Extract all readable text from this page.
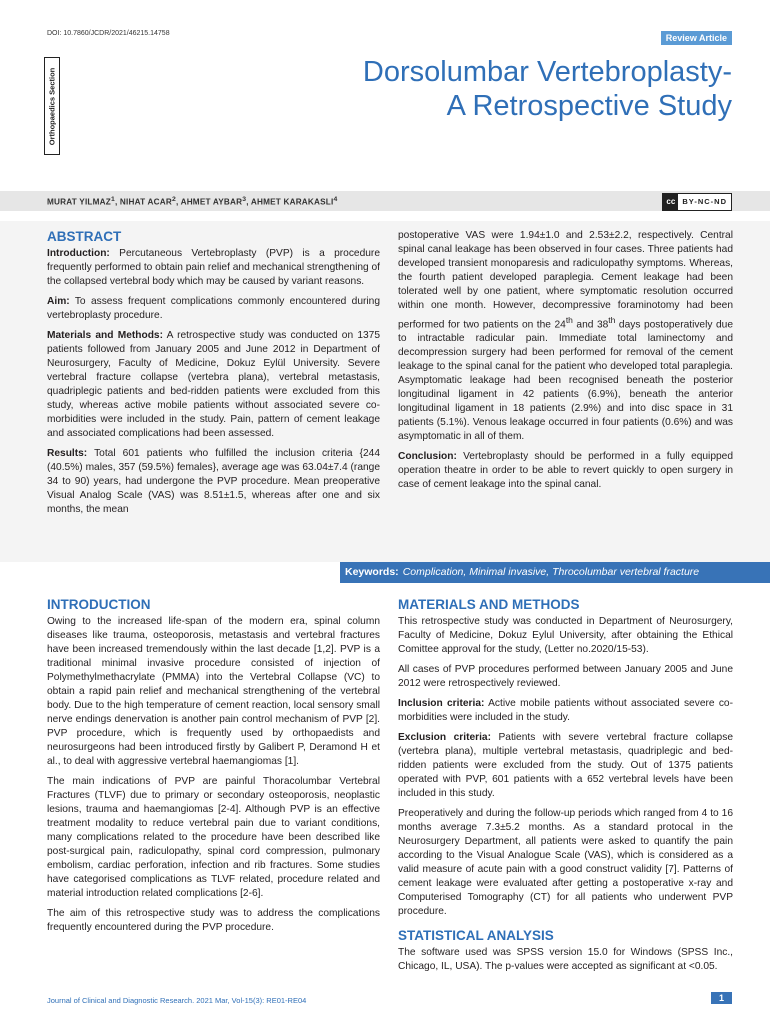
DOI: 10.7860/JCDR/2021/46215.14758	Review Article
Orthopaedics Section	Dorsolumbar Vertebroplasty-
A Retrospective Study
MURAT YILMAZ$^1$, NIHAT ACAR$^2$, AHMET AYBAR$^3$, AHMET KARAKASLI$^4$	cc BY-NC-ND
ABSTRACT

Introduction: Percutaneous Vertebroplasty (PVP) is a procedure frequently performed to obtain pain relief and mechanical strengthening of the collapsed vertebral body which may be caused by variant reasons.

Aim: To assess frequent complications commonly encountered during vertebroplasty procedure.

Materials and Methods: A retrospective study was conducted on 1375 patients followed from January 2005 and June 2012 in Department of Neurosurgery, Faculty of Medicine, Dokuz Eylül University. Severe vertebral fracture collapse (vertebra plana), vertebral metastasis, quadriplegic patients and bed-ridden patients were excluded from this study, whereas active mobile patients without associated severe co-morbidities were included in the study. Pain, pattern of cement leakage and associated complications had been assessed.

Results: Total 601 patients who fulfilled the inclusion criteria {244 (40.5%) males, 357 (59.5%) females}, average age was 63.04±7.4 (range 34 to 90) years, had undergone the PVP procedure. Mean preoperative Visual Analog Scale (VAS) was 8.51±1.5, whereas after one and six months, the mean

postoperative VAS were 1.94±1.0 and 2.53±2.2, respectively. Central spinal canal leakage has been observed in four cases. Three patients had developed transient monoparesis and radiculopathy symptoms. Whereas, the fourth patient developed paraplegia. Cement leakage had been tolerated well by one patient, where symptomatic resolution occurred within one month. However, decompressive foraminotomy had been performed for two patients on the 24th and 38th days postoperatively due to intractable radicular pain. Immediate total laminectomy and decompression surgery had been performed for removal of the cement leakage to the spinal canal for the patient who developed total paraplegia. Asymptomatic leakage had been recognised beneath the posterior longitudinal ligament in 42 patients (6.9%), beneath the anterior longitudinal ligament in 18 patients (2.9%) and into disc space in 31 patients (5.1%). Venous leakage occurred in four patients (0.6%) and was asymptomatic in all of them.

Conclusion: Vertebroplasty should be performed in a fully equipped operation theatre in order to be able to revert quickly to open surgery in case of cement leakage into the spinal canal.

Keywords: Complication, Minimal invasive, Throcolumbar vertebral fracture
INTRODUCTION

Owing to the increased life-span of the modern era, spinal column diseases like trauma, osteoporosis, metastasis and vertebral fractures have been increased tremendously within the last decade [1,2]. PVP is a traditional minimal invasive procedure consisted of injection of Polymethylmethacrylate (PMMA) into the Vertebral Collapse (VC) to obtain a rapid pain relief and mechanical strengthening of the vertebral body. Due to the high temperature of cement reaction, local sensory small nerve endings denervation is another pain control mechanism of PVP [2]. PVP procedure, which is frequently used by orthopaedists and neurosurgeons had been introduced firstly by Galibert P, Deramond H et al., to deal with aggressive vertebral haemangiomas [1].

The main indications of PVP are painful Thoracolumbar Vertebral Fractures (TLVF) due to primary or secondary osteoporosis, neoplastic lesions, trauma and haemangiomas [2-4]. Although PVP is an effective treatment modality to reduce vertebral pain due to variant conditions, many complications related to the procedure have been described like post-surgical pain, radiculopathy, spinal cord compression, pulmonary embolism, cardiac perforation, infection and rib fractures. Some studies have categorised complications as TLVF related, procedure related and material introduction related complications [2-6].

The aim of this retrospective study was to address the complications frequently encountered during the PVP procedure.

MATERIALS AND METHODS

This retrospective study was conducted in Department of Neurosurgery, Faculty of Medicine, Dokuz Eylul University, after obtaining the Ethical Comittee approval for the study, (Letter no.2020/15-53).

All cases of PVP procedures performed between January 2005 and June 2012 were retrospectively reviewed.

Inclusion criteria: Active mobile patients without associated severe co-morbidities were included in the study.

Exclusion criteria: Patients with severe vertebral fracture collapse (vertebra plana), multiple vertebral metastasis, quadriplegic and bed-ridden patients were excluded from the study. Out of 1375 patients operated with PVP, 601 patients with a 652 vertebral levels have been included in this study.

Preoperatively and during the follow-up periods which ranged from 4 to 16 months average 7.3±5.2 months. As a standard protocal in the Neurosurgery Department, all patients were asked to quantify the pain according to the Visual Analogue Scale (VAS), which is considered as a valid measure of acute pain with a good construct validity [7]. Patterns of cement leakage were evaluated after getting a postoperative x-ray and Computerised Tomography (CT) for all patients who underwent PVP procedure.

STATISTICAL ANALYSIS

The software used was SPSS version 15.0 for Windows (SPSS Inc., Chicago, IL, USA). The p-values were accepted as significant at <0.05.

Journal of Clinical and Diagnostic Research. 2021 Mar, Vol-15(3): RE01-RE04	1
